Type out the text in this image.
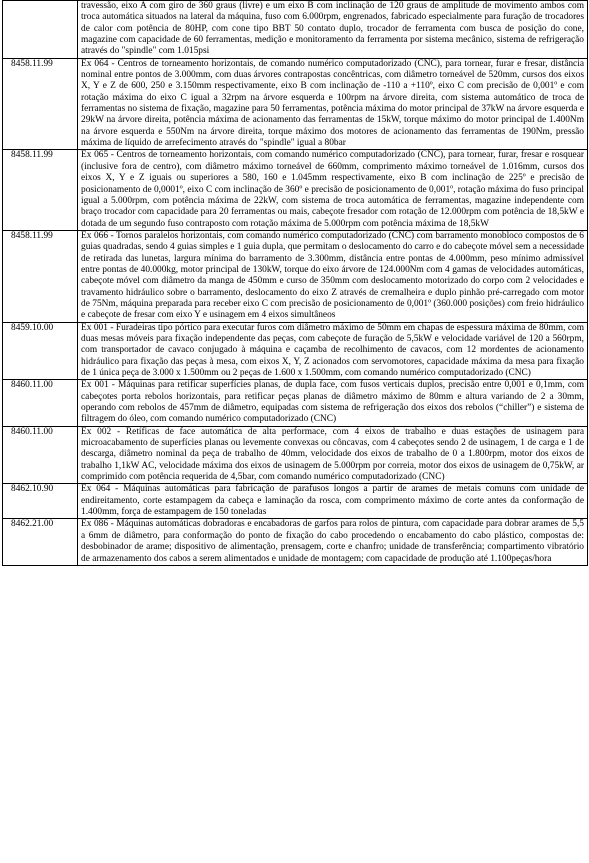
	travessão, eixo A com giro de 360 graus (livre) e um eixo B com inclinação de 120 graus de amplitude de movimento ambos com troca automática situados na lateral da máquina, fuso com 6.000rpm, engrenados, fabricado especialmente para furação de trocadores de calor com potência de 80HP, com cone tipo BBT 50 contato duplo, trocador de ferramenta com busca de posição do cone, magazine com capacidade de 60 ferramentas, medição e monitoramento da ferramenta por sistema mecânico, sistema de refrigeração através do "spindle" com 1.015psi
8458.11.99	Ex 064 - Centros de torneamento horizontais, de comando numérico computadorizado (CNC), para tornear, furar e fresar, distância nominal entre pontos de 3.000mm, com duas árvores contrapostas concêntricas, com diâmetro torneável de 520mm, cursos dos eixos X, Y e Z de 600, 250 e 3.150mm respectivamente, eixo B com inclinação de -110 a +110º, eixo C com precisão de 0,001º e com rotação máxima do eixo C igual a 32rpm na árvore esquerda e 100rpm na árvore direita, com sistema automático de troca de ferramentas no sistema de fixação, magazine para 50 ferramentas, potência máxima do motor principal de 37kW na árvore esquerda e 29kW na árvore direita, potência máxima de acionamento das ferramentas de 15kW, torque máximo do motor principal de 1.400Nm na árvore esquerda e 550Nm na árvore direita, torque máximo dos motores de acionamento das ferramentas de 190Nm, pressão máxima de líquido de arrefecimento através do "spindle" igual a 80bar
8458.11.99	Ex 065 - Centros de torneamento horizontais, com comando numérico computadorizado (CNC), para tornear, furar, fresar e rosquear (inclusive fora de centro), com diâmetro máximo torneável de 660mm, comprimento máximo torneável de 1.016mm, cursos dos eixos X, Y e Z iguais ou superiores a 580, 160 e 1.045mm respectivamente, eixo B com inclinação de 225º e precisão de posicionamento de 0,0001º, eixo C com inclinação de 360º e precisão de posicionamento de 0,001º, rotação máxima do fuso principal igual a 5.000rpm, com potência máxima de 22kW, com sistema de troca automática de ferramentas, magazine independente com braço trocador com capacidade para 20 ferramentas ou mais, cabeçote fresador com rotação de 12.000rpm com potência de 18,5kW e dotada de um segundo fuso contraposto com rotação máxima de 5.000rpm com potência máxima de 18,5kW
8458.11.99	Ex 066 - Tornos paralelos horizontais, com comando numérico computadorizado (CNC) com barramento monobloco compostos de 6 guias quadradas, sendo 4 guias simples e 1 guia dupla, que permitam o deslocamento do carro e do cabeçote móvel sem a necessidade de retirada das lunetas, largura mínima do barramento de 3.300mm, distância entre pontas de 4.000mm, peso mínimo admissível entre pontas de 40.000kg, motor principal de 130kW, torque do eixo árvore de 124.000Nm com 4 gamas de velocidades automáticas, cabeçote móvel com diâmetro da manga de 450mm e curso de 350mm com deslocamento motorizado do corpo com 2 velocidades e travamento hidráulico sobre o barramento, deslocamento do eixo Z através de cremalheira e duplo pinhão pré-carregado com motor de 75Nm, máquina preparada para receber eixo C com precisão de posicionamento de 0,001º (360.000 posições) com freio hidráulico e cabeçote de fresar com eixo Y e usinagem em 4 eixos simultâneos
8459.10.00	Ex 001 - Furadeiras tipo pórtico para executar furos com diâmetro máximo de 50mm em chapas de espessura máxima de 80mm, com duas mesas móveis para fixação independente das peças, com cabeçote de furação de 5,5kW e velocidade variável de 120 a 560rpm, com transportador de cavaco conjugado à máquina e caçamba de recolhimento de cavacos, com 12 mordentes de acionamento hidráulico para fixação das peças à mesa, com eixos X, Y, Z acionados com servomotores, capacidade máxima da mesa para fixação de 1 única peça de 3.000 x 1.500mm ou 2 peças de 1.600 x 1.500mm, com comando numérico computadorizado (CNC)
8460.11.00	Ex 001 - Máquinas para retificar superfícies planas, de dupla face, com fusos verticais duplos, precisão entre 0,001 e 0,1mm, com cabeçotes porta rebolos horizontais, para retificar peças planas de diâmetro máximo de 80mm e altura variando de 2 a 30mm, operando com rebolos de 457mm de diâmetro, equipadas com sistema de refrigeração dos eixos dos rebolos (“chiller”) e sistema de filtragem do óleo, com comando numérico computadorizado (CNC)
8460.11.00	Ex 002 - Retíficas de face automática de alta performace, com 4 eixos de trabalho e duas estações de usinagem para microacabamento de superfícies planas ou levemente convexas ou côncavas, com 4 cabeçotes sendo 2 de usinagem, 1 de carga e 1 de descarga, diâmetro nominal da peça de trabalho de 40mm, velocidade dos eixos de trabalho de 0 a 1.800rpm, motor dos eixos de trabalho 1,1kW AC, velocidade máxima dos eixos de usinagem de 5.000rpm por correia, motor dos eixos de usinagem de 0,75kW, ar comprimido com potência requerida de 4,5bar, com comando numérico computadorizado (CNC)
8462.10.90	Ex 064 - Máquinas automáticas para fabricação de parafusos longos a partir de arames de metais comuns com unidade de endireitamento, corte estampagem da cabeça e laminação da rosca, com comprimento máximo de corte antes da conformação de 1.400mm, força de estampagem de 150 toneladas
8462.21.00	Ex 086 - Máquinas automáticas dobradoras e encabadoras de garfos para rolos de pintura, com capacidade para dobrar arames de 5,5 a 6mm de diâmetro, para conformação do ponto de fixação do cabo procedendo o encabamento do cabo plástico, compostas de: desbobinador de arame; dispositivo de alimentação, prensagem, corte e chanfro; unidade de transferência; compartimento vibratório de armazenamento dos cabos a serem alimentados e unidade de montagem; com capacidade de produção até 1.100peças/hora
